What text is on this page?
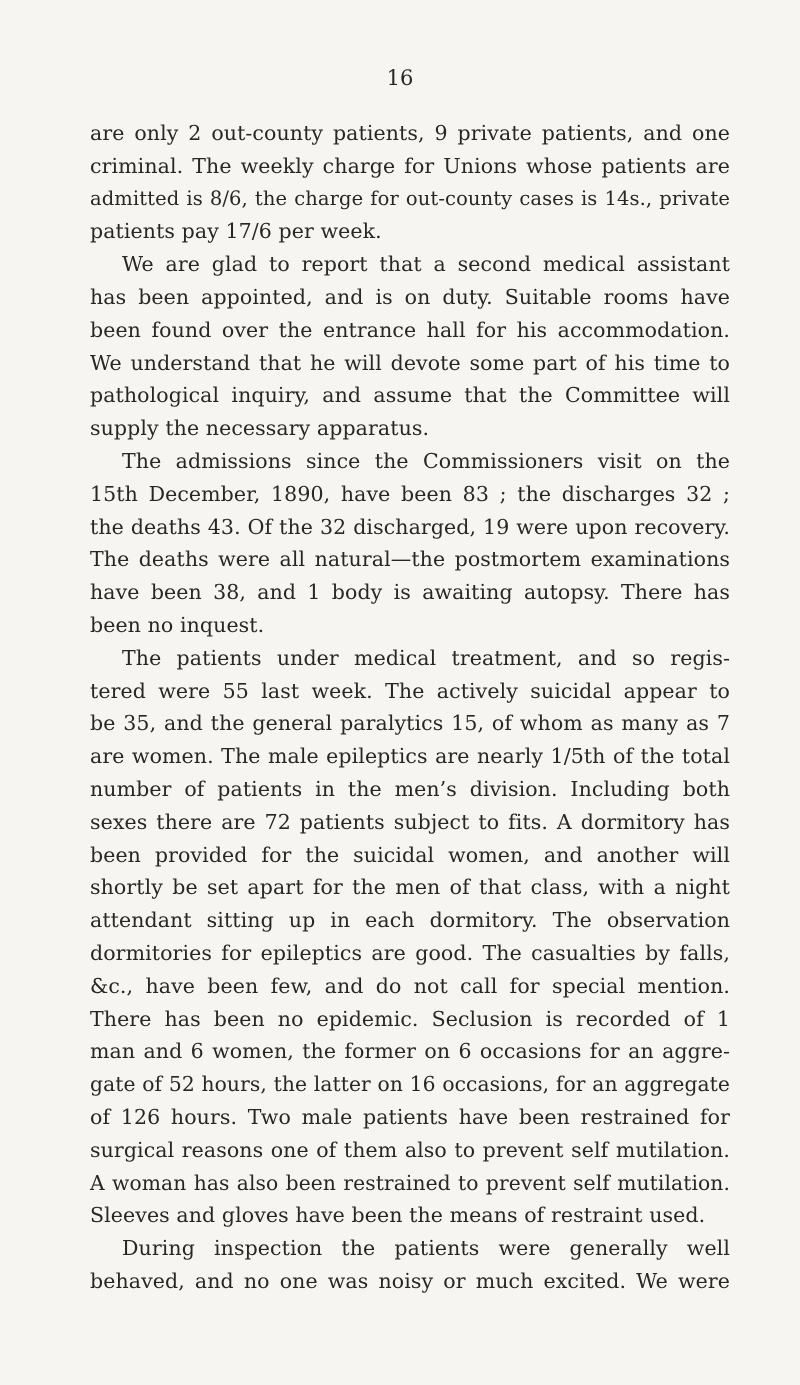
16
are only 2 out-county patients, 9 private patients, and one
criminal. The weekly charge for Unions whose patients are
admitted is 8/6, the charge for out-county cases is 14s., private
patients pay 17/6 per week.
We are glad to report that a second medical assistant
has been appointed, and is on duty. Suitable rooms have
been found over the entrance hall for his accommodation.
We understand that he will devote some part of his time to
pathological inquiry, and assume that the Committee will
supply the necessary apparatus.
The admissions since the Commissioners visit on the
15th December, 1890, have been 83 ; the discharges 32 ;
the deaths 43. Of the 32 discharged, 19 were upon recovery.
The deaths were all natural—the postmortem examinations
have been 38, and 1 body is awaiting autopsy. There has
been no inquest.
The patients under medical treatment, and so regis-
tered were 55 last week. The actively suicidal appear to
be 35, and the general paralytics 15, of whom as many as 7
are women. The male epileptics are nearly 1/5th of the total
number of patients in the men’s division. Including both
sexes there are 72 patients subject to fits. A dormitory has
been provided for the suicidal women, and another will
shortly be set apart for the men of that class, with a night
attendant sitting up in each dormitory. The observation
dormitories for epileptics are good. The casualties by falls,
&c., have been few, and do not call for special mention.
There has been no epidemic. Seclusion is recorded of 1
man and 6 women, the former on 6 occasions for an aggre-
gate of 52 hours, the latter on 16 occasions, for an aggregate
of 126 hours. Two male patients have been restrained for
surgical reasons one of them also to prevent self mutilation.
A woman has also been restrained to prevent self mutilation.
Sleeves and gloves have been the means of restraint used.
During inspection the patients were generally well
behaved, and no one was noisy or much excited. We were
